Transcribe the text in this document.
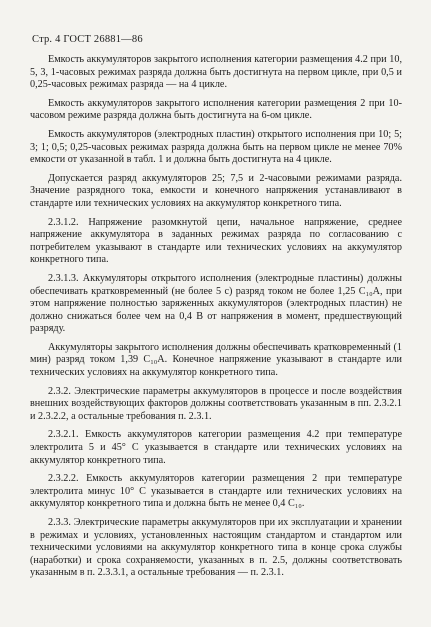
Стр. 4 ГОСТ 26881—86

Емкость аккумуляторов закрытого исполнения категории размещения 4.2 при 10, 5, 3, 1-часовых режимах разряда должна быть достигнута на первом цикле, при 0,5 и 0,25-часовых режимах разряда — на 4 цикле.

Емкость аккумуляторов закрытого исполнения категории размещения 2 при 10-часовом режиме разряда должна быть достигнута на 6-ом цикле.

Емкость аккумуляторов (электродных пластин) открытого исполнения при 10; 5; 3; 1; 0,5; 0,25-часовых режимах разряда должна быть на первом цикле не менее 70% емкости от указанной в табл. 1 и должна быть достигнута на 4 цикле.

Допускается разряд аккумуляторов 25; 7,5 и 2-часовыми режимами разряда. Значение разрядного тока, емкости и конечного напряжения устанавливают в стандарте или технических условиях на аккумулятор конкретного типа.

2.3.1.2. Напряжение разомкнутой цепи, начальное напряжение, среднее напряжение аккумулятора в заданных режимах разряда по согласованию с потребителем указывают в стандарте или технических условиях на аккумулятор конкретного типа.

2.3.1.3. Аккумуляторы открытого исполнения (электродные пластины) должны обеспечивать кратковременный (не более 5 с) разряд током не более 1,25 C₁₀A, при этом напряжение полностью заряженных аккумуляторов (электродных пластин) не должно снижаться более чем на 0,4 В от напряжения в момент, предшествующий разряду.

Аккумуляторы закрытого исполнения должны обеспечивать кратковременный (1 мин) разряд током 1,39 C₁₀A. Конечное напряжение указывают в стандарте или технических условиях на аккумулятор конкретного типа.

2.3.2. Электрические параметры аккумуляторов в процессе и после воздействия внешних воздействующих факторов должны соответствовать указанным в пп. 2.3.2.1 и 2.3.2.2, а остальные требования п. 2.3.1.

2.3.2.1. Емкость аккумуляторов категории размещения 4.2 при температуре электролита 5 и 45° С указывается в стандарте или технических условиях на аккумулятор конкретного типа.

2.3.2.2. Емкость аккумуляторов категории размещения 2 при температуре электролита минус 10° С указывается в стандарте или технических условиях на аккумулятор конкретного типа и должна быть не менее 0,4 C₁₀.

2.3.3. Электрические параметры аккумуляторов при их эксплуатации и хранении в режимах и условиях, установленных настоящим стандартом и стандартом или техническими условиями на аккумулятор конкретного типа в конце срока службы (наработки) и срока сохраняемости, указанных в п. 2.5, должны соответствовать указанным в п. 2.3.3.1, а остальные требования — п. 2.3.1.
